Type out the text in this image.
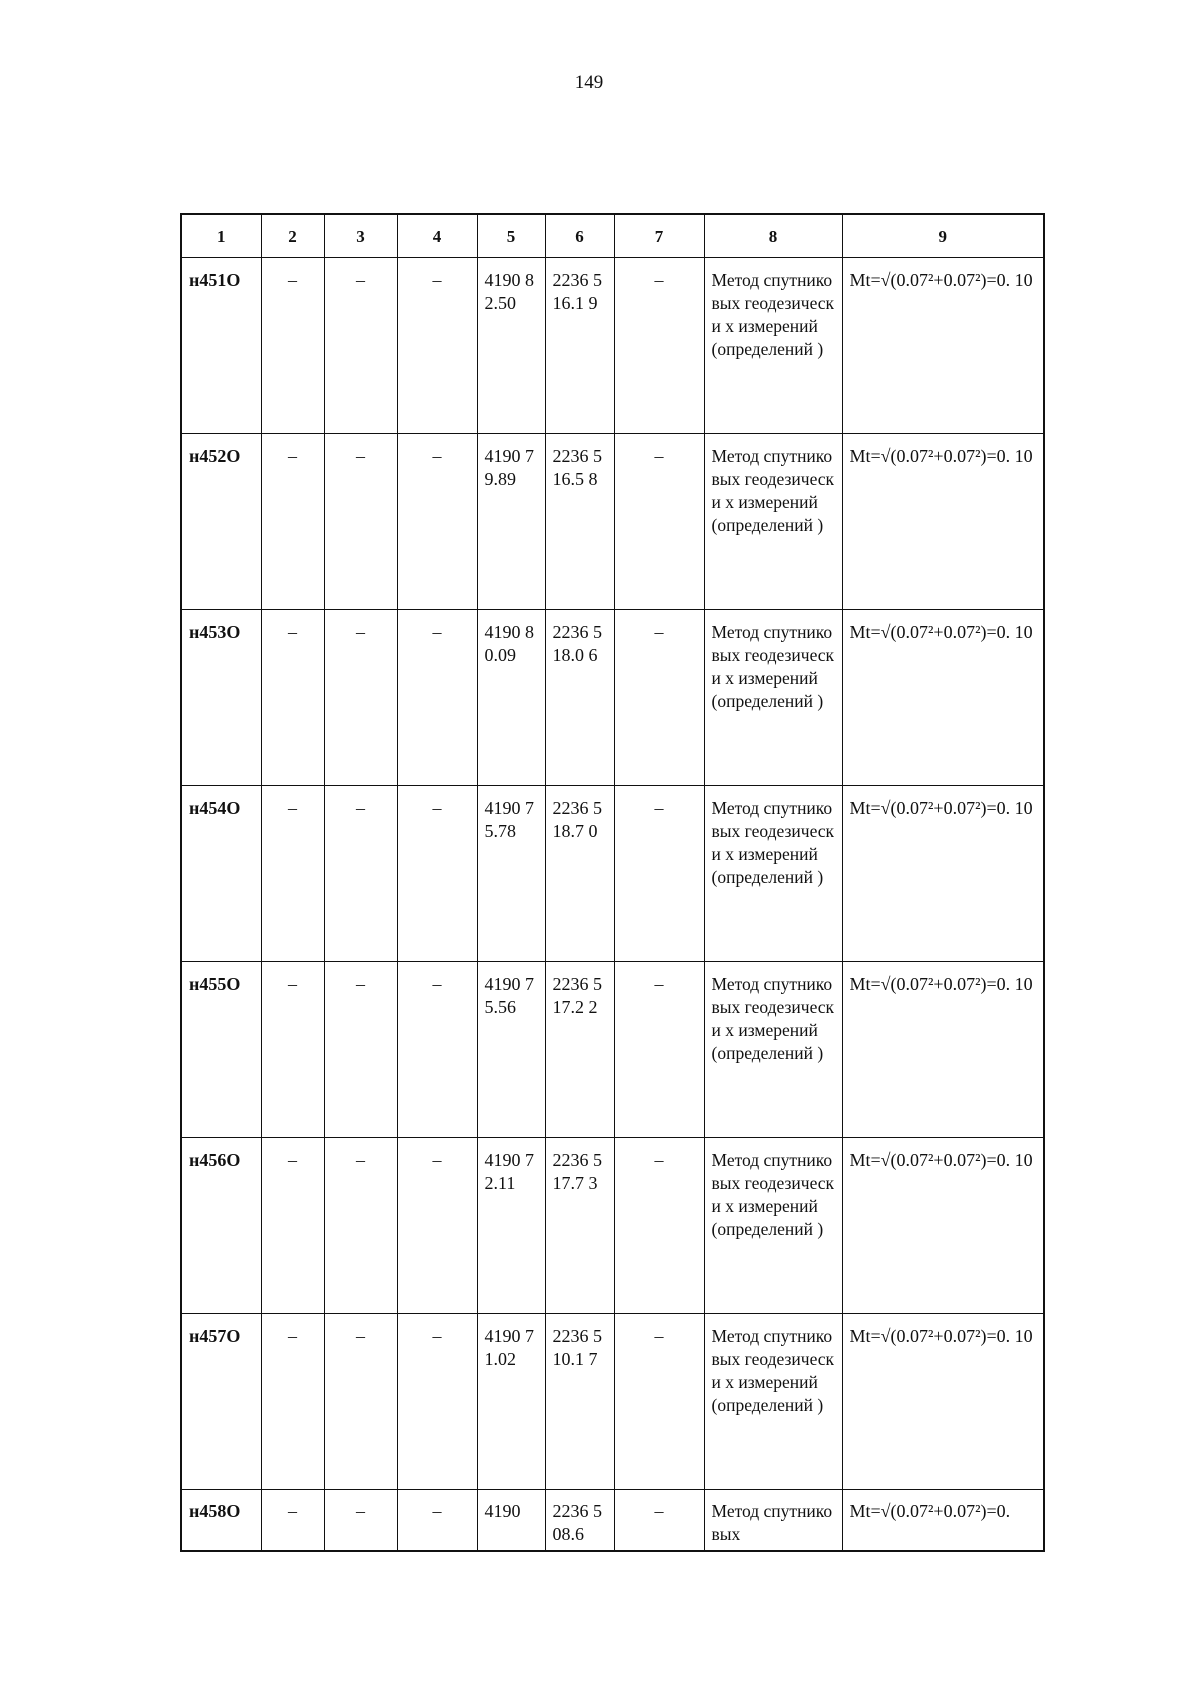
149
1	2	3	4	5	6	7	8	9
н451О	–	–	–	4190 82.50	2236 516.1 9	–	Метод спутниковых геодезически х измерений (определений )	Mt=√(0.07²+0.07²)=0. 10
н452О	–	–	–	4190 79.89	2236 516.5 8	–	Метод спутниковых геодезически х измерений (определений )	Mt=√(0.07²+0.07²)=0. 10
н453О	–	–	–	4190 80.09	2236 518.0 6	–	Метод спутниковых геодезически х измерений (определений )	Mt=√(0.07²+0.07²)=0. 10
н454О	–	–	–	4190 75.78	2236 518.7 0	–	Метод спутниковых геодезически х измерений (определений )	Mt=√(0.07²+0.07²)=0. 10
н455О	–	–	–	4190 75.56	2236 517.2 2	–	Метод спутниковых геодезически х измерений (определений )	Mt=√(0.07²+0.07²)=0. 10
н456О	–	–	–	4190 72.11	2236 517.7 3	–	Метод спутниковых геодезически х измерений (определений )	Mt=√(0.07²+0.07²)=0. 10
н457О	–	–	–	4190 71.02	2236 510.1 7	–	Метод спутниковых геодезически х измерений (определений )	Mt=√(0.07²+0.07²)=0. 10
н458О	–	–	–	4190	2236 508.6	–	Метод спутниковых	Mt=√(0.07²+0.07²)=0.
